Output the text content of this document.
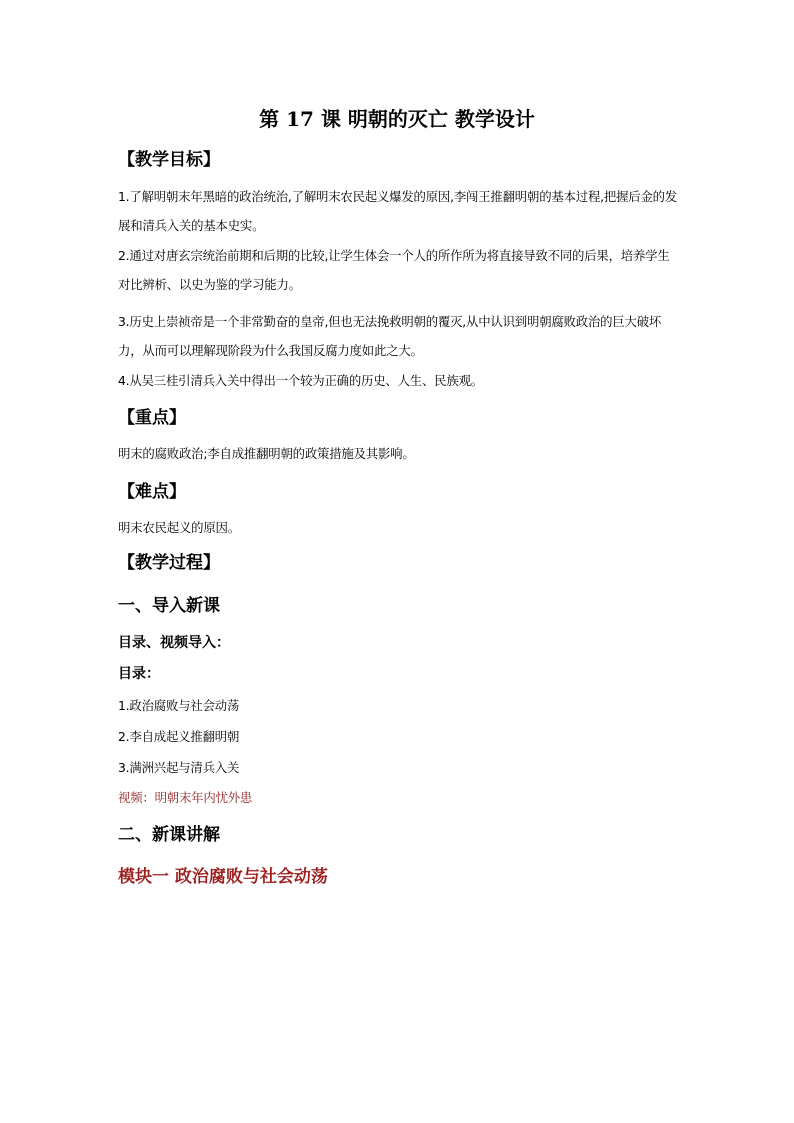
第 17 课 明朝的灭亡 教学设计
【教学目标】
1.了解明朝末年黑暗的政治统治,了解明末农民起义爆发的原因,李闯王推翻明朝的基本过程,把握后金的发展和清兵入关的基本史实。
2.通过对唐玄宗统治前期和后期的比较,让学生体会一个人的所作所为将直接导致不同的后果，培养学生对比辨析、以史为鉴的学习能力。
3.历史上崇祯帝是一个非常勤奋的皇帝,但也无法挽救明朝的覆灭,从中认识到明朝腐败政治的巨大破坏力，从而可以理解现阶段为什么我国反腐力度如此之大。
4.从吴三桂引清兵入关中得出一个较为正确的历史、人生、民族观。
【重点】
明末的腐败政治;李自成推翻明朝的政策措施及其影响。
【难点】
明末农民起义的原因。
【教学过程】
一、导入新课
目录、视频导入：
目录：
1.政治腐败与社会动荡
2.李自成起义推翻明朝
3.满洲兴起与清兵入关
视频：明朝末年内忧外患
二、新课讲解
模块一 政治腐败与社会动荡
